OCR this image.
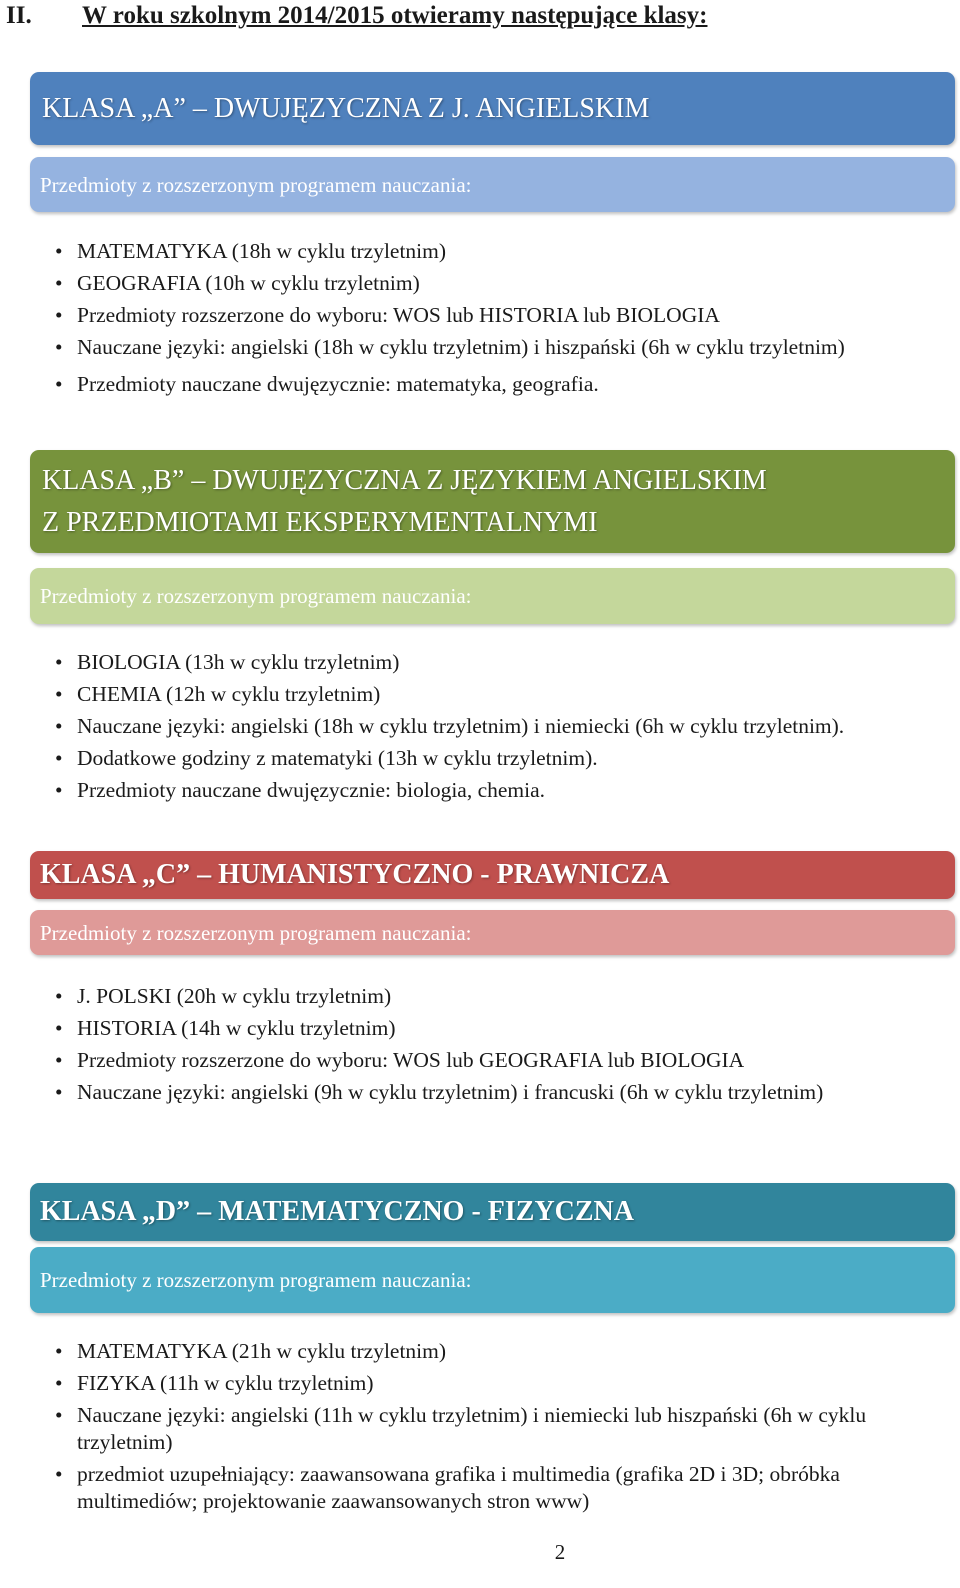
II. W roku szkolnym 2014/2015 otwieramy następujące klasy:
KLASA „A” – DWUJĘZYCZNA Z J. ANGIELSKIM
Przedmioty z rozszerzonym programem nauczania:
• MATEMATYKA (18h w cyklu trzyletnim)
• GEOGRAFIA (10h w cyklu trzyletnim)
• Przedmioty rozszerzone do wyboru: WOS lub HISTORIA lub BIOLOGIA
• Nauczane języki: angielski (18h w cyklu trzyletnim) i hiszpański (6h w cyklu trzyletnim)
• Przedmioty nauczane dwujęzycznie: matematyka, geografia.
KLASA „B” – DWUJĘZYCZNA Z JĘZYKIEM ANGIELSKIM
Z PRZEDMIOTAMI EKSPERYMENTALNYMI
Przedmioty z rozszerzonym programem nauczania:
• BIOLOGIA (13h w cyklu trzyletnim)
• CHEMIA (12h w cyklu trzyletnim)
• Nauczane języki: angielski (18h w cyklu trzyletnim) i niemiecki (6h w cyklu trzyletnim).
• Dodatkowe godziny z matematyki (13h w cyklu trzyletnim).
• Przedmioty nauczane dwujęzycznie: biologia, chemia.
KLASA „C” – HUMANISTYCZNO - PRAWNICZA
Przedmioty z rozszerzonym programem nauczania:
• J. POLSKI (20h w cyklu trzyletnim)
• HISTORIA (14h w cyklu trzyletnim)
• Przedmioty rozszerzone do wyboru: WOS lub GEOGRAFIA lub BIOLOGIA
• Nauczane języki: angielski (9h w cyklu trzyletnim) i francuski (6h w cyklu trzyletnim)
KLASA „D” – MATEMATYCZNO - FIZYCZNA
Przedmioty z rozszerzonym programem nauczania:
• MATEMATYKA (21h w cyklu trzyletnim)
• FIZYKA (11h w cyklu trzyletnim)
• Nauczane języki: angielski (11h w cyklu trzyletnim) i niemiecki lub hiszpański (6h w cyklu trzyletnim)
• przedmiot uzupełniający: zaawansowana grafika i multimedia (grafika 2D i 3D; obróbka multimediów; projektowanie zaawansowanych stron www)
2
